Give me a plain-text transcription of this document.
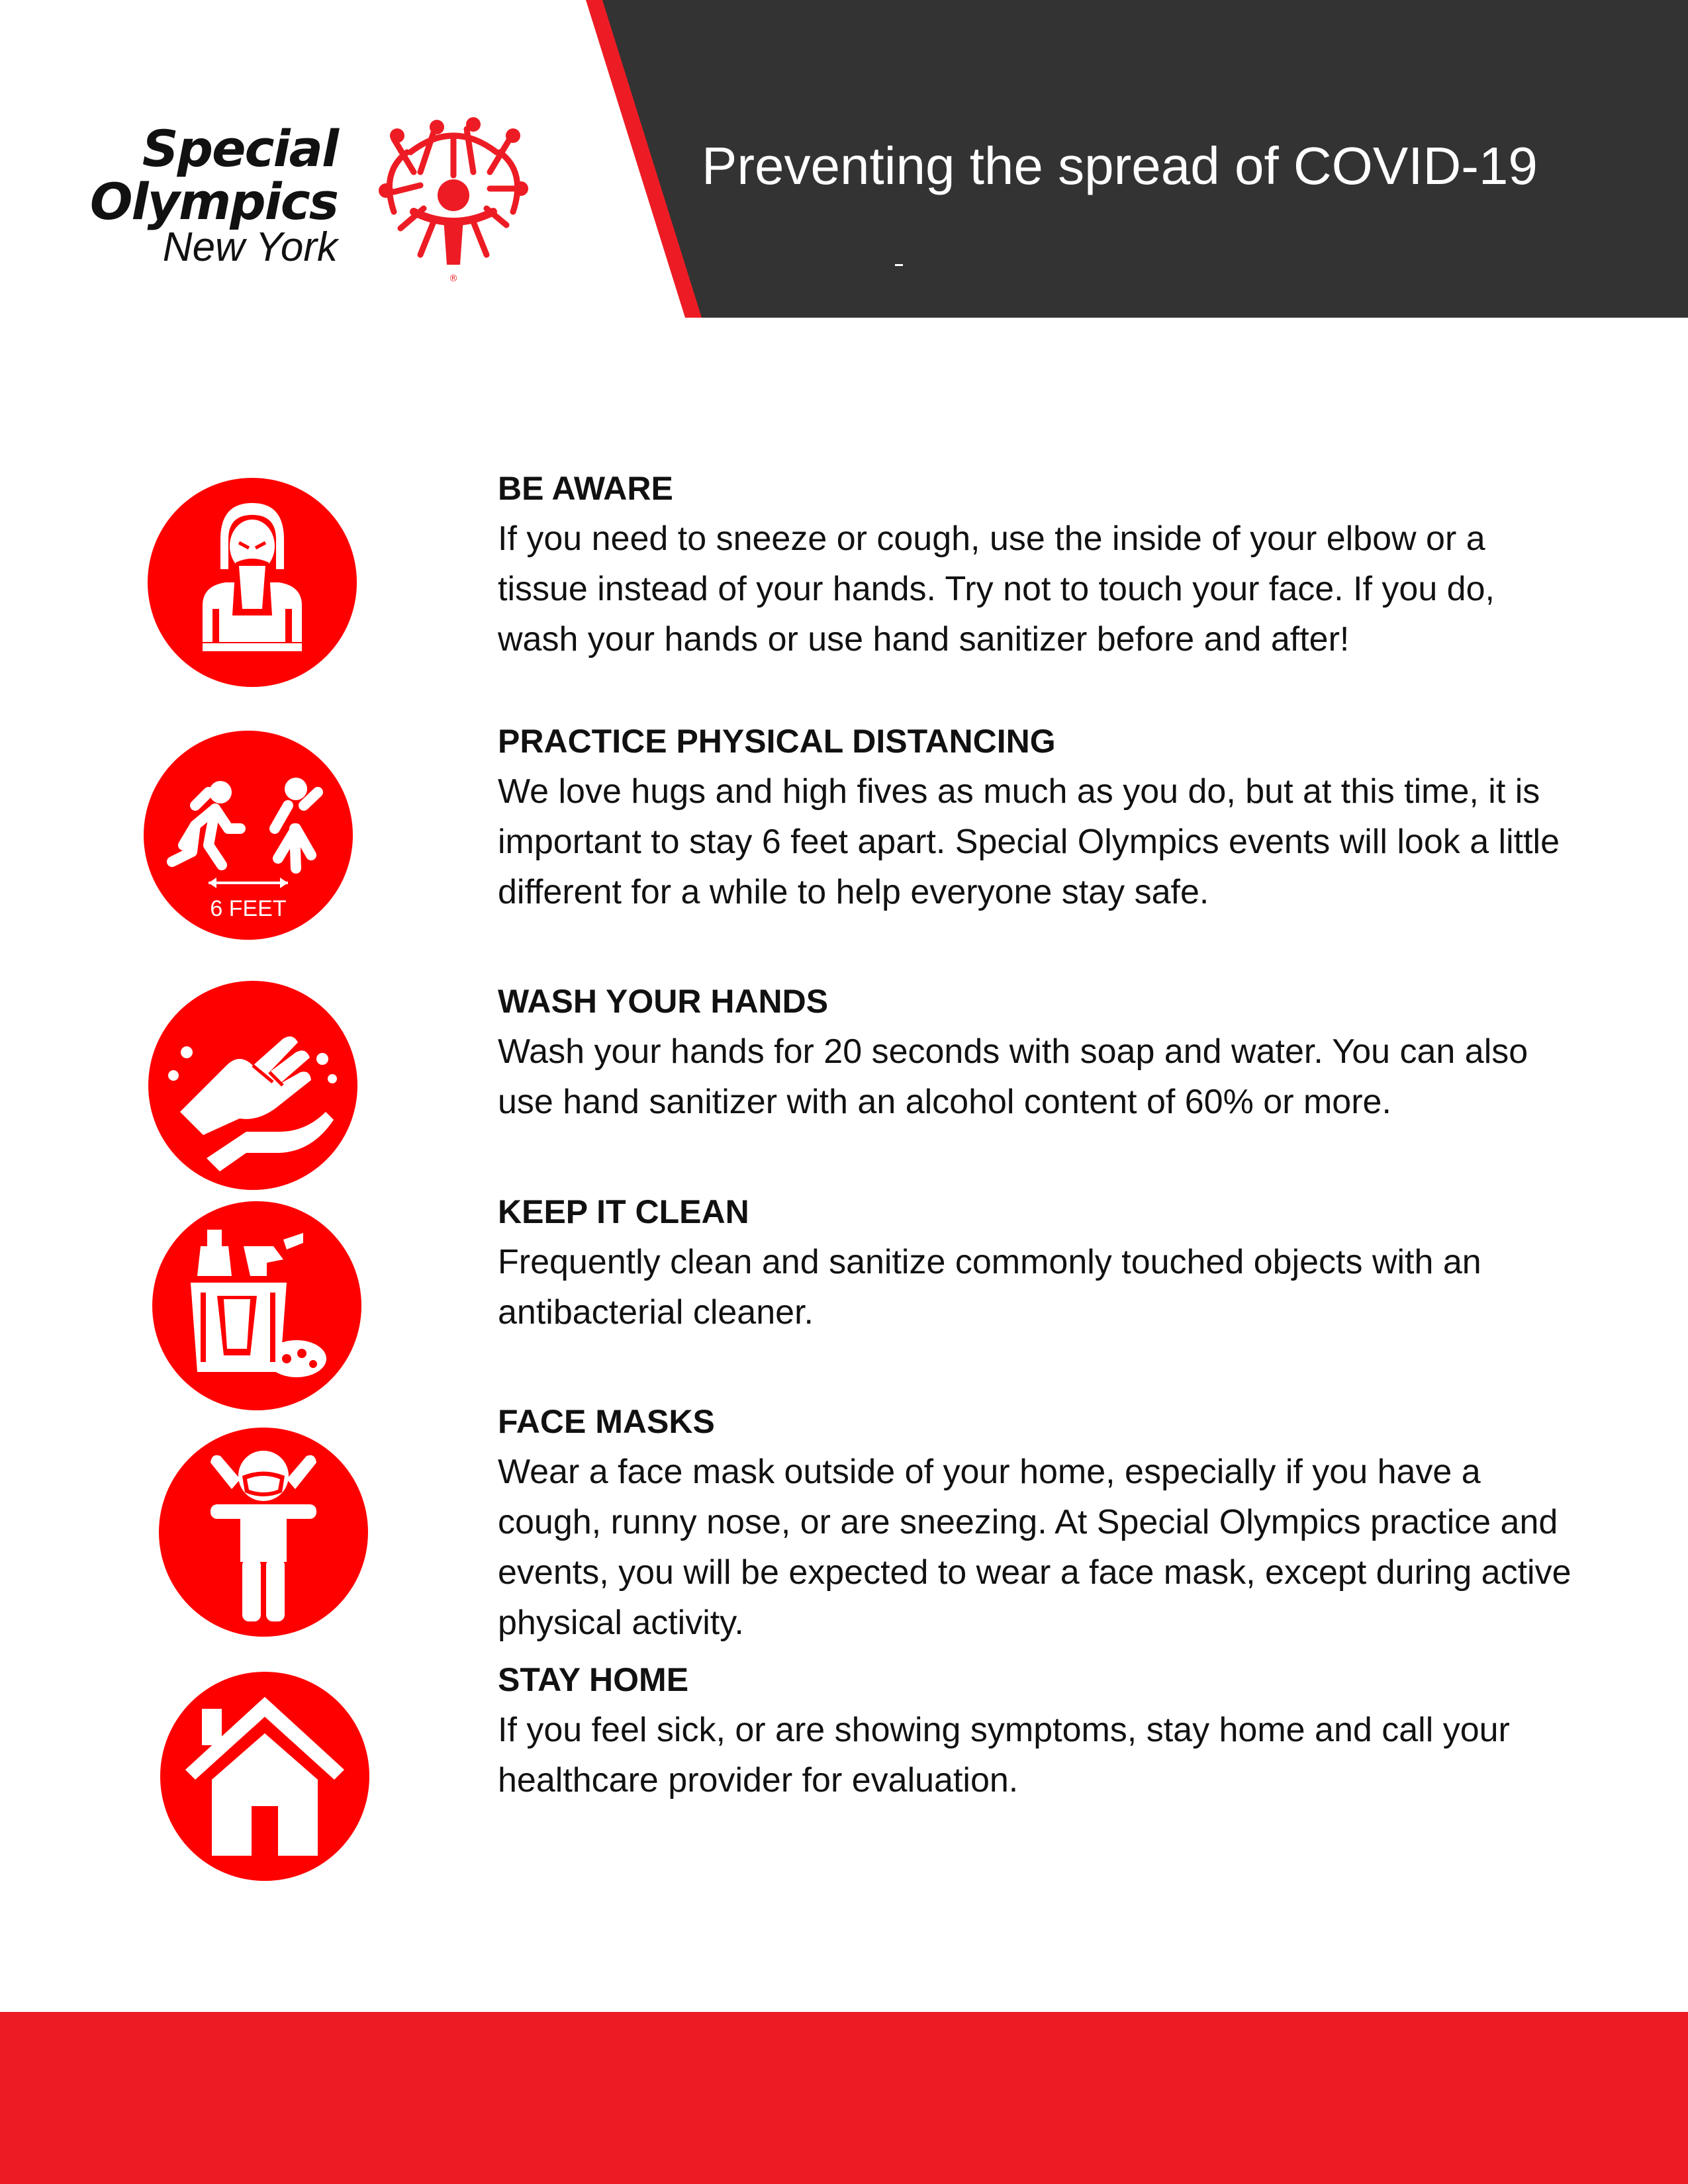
Special
Olympics
New York
®
Preventing the spread of COVID-19

BE AWARE

If you need to sneeze or cough, use the inside of your elbow or a tissue instead of your hands. Try not to touch your face. If you do, wash your hands or use hand sanitizer before and after!

6 FEET

PRACTICE PHYSICAL DISTANCING

We love hugs and high fives as much as you do, but at this time, it is important to stay 6 feet apart. Special Olympics events will look a little different for a while to help everyone stay safe.

WASH YOUR HANDS

Wash your hands for 20 seconds with soap and water. You can also use hand sanitizer with an alcohol content of 60% or more.

KEEP IT CLEAN

Frequently clean and sanitize commonly touched objects with an antibacterial cleaner.

FACE MASKS

Wear a face mask outside of your home, especially if you have a cough, runny nose, or are sneezing. At Special Olympics practice and events, you will be expected to wear a face mask, except during active physical activity.

STAY HOME

If you feel sick, or are showing symptoms, stay home and call your healthcare provider for evaluation.
